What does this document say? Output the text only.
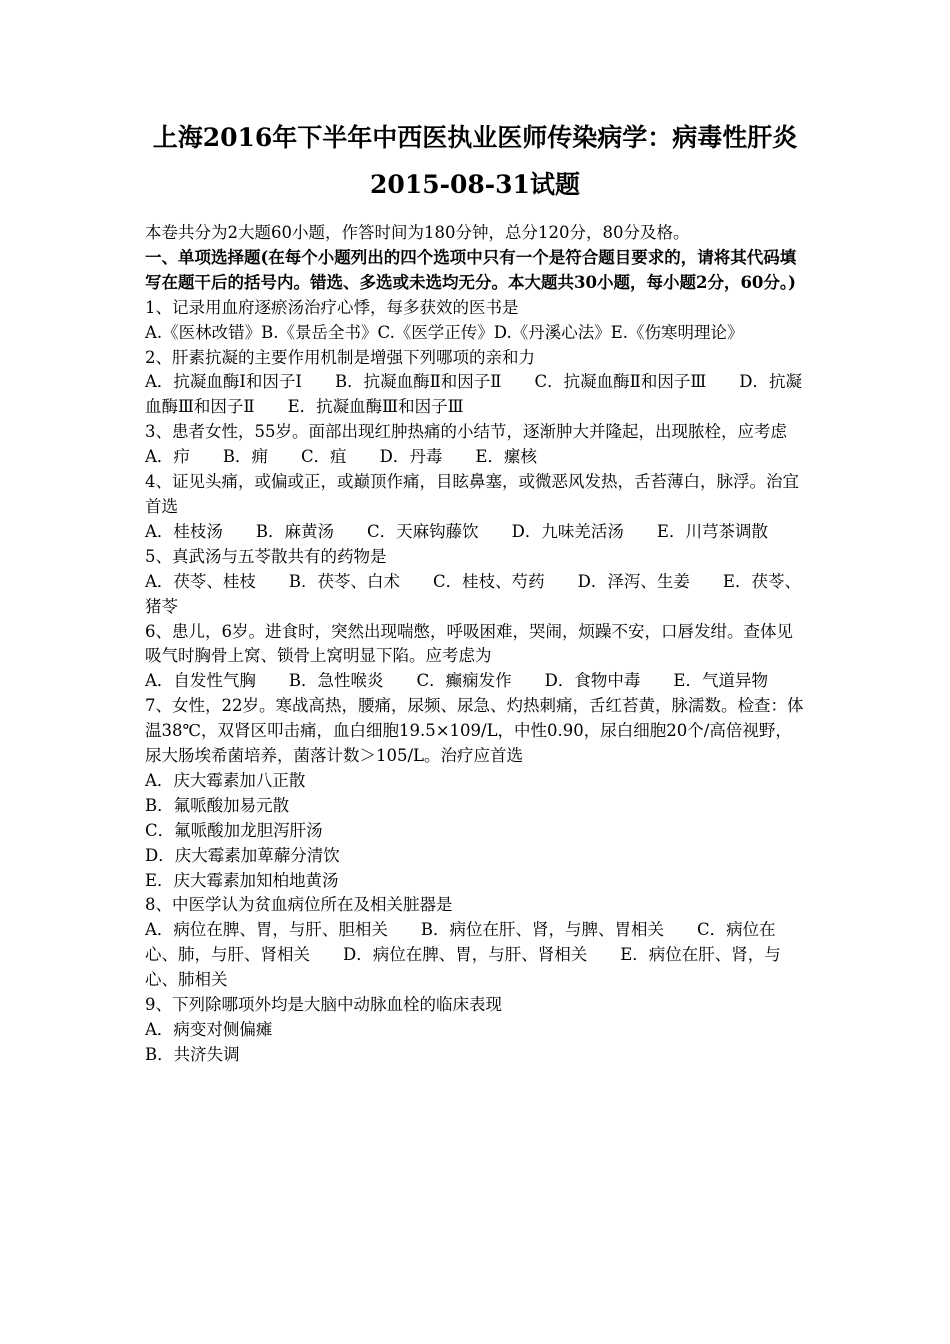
上海2016年下半年中西医执业医师传染病学：病毒性肝炎
2015-08-31试题

本卷共分为2大题60小题，作答时间为180分钟，总分120分，80分及格。

一、单项选择题(在每个小题列出的四个选项中只有一个是符合题目要求的，请将其代码填写在题干后的括号内。错选、多选或未选均无分。本大题共30小题，每小题2分，60分。)

1、记录用血府逐瘀汤治疗心悸，每多获效的医书是

A.《医林改错》B.《景岳全书》C.《医学正传》D.《丹溪心法》E.《伤寒明理论》

2、肝素抗凝的主要作用机制是增强下列哪项的亲和力

A．抗凝血酶Ⅰ和因子Ⅰ　　B．抗凝血酶Ⅱ和因子Ⅱ　　C．抗凝血酶Ⅱ和因子Ⅲ　　D．抗凝血酶Ⅲ和因子Ⅱ　　E．抗凝血酶Ⅲ和因子Ⅲ

3、患者女性，55岁。面部出现红肿热痛的小结节，逐渐肿大并隆起，出现脓栓，应考虑

A．疖　　B．痈　　C．疽　　D．丹毒　　E．瘰核

4、证见头痛，或偏或正，或巅顶作痛，目眩鼻塞，或微恶风发热，舌苔薄白，脉浮。治宜首选

A．桂枝汤　　B．麻黄汤　　C．天麻钩藤饮　　D．九味羌活汤　　E．川芎茶调散

5、真武汤与五苓散共有的药物是

A．茯苓、桂枝　　B．茯苓、白术　　C．桂枝、芍药　　D．泽泻、生姜　　E．茯苓、猪苓

6、患儿，6岁。进食时，突然出现喘憋，呼吸困难，哭闹，烦躁不安，口唇发绀。查体见吸气时胸骨上窝、锁骨上窝明显下陷。应考虑为

A．自发性气胸　　B．急性喉炎　　C．癫痫发作　　D．食物中毒　　E．气道异物

7、女性，22岁。寒战高热，腰痛，尿频、尿急、灼热刺痛，舌红苔黄，脉濡数。检查：体温38℃，双肾区叩击痛，血白细胞19.5×109/L，中性0.90，尿白细胞20个/高倍视野，尿大肠埃希菌培养，菌落计数＞105/L。治疗应首选

A．庆大霉素加八正散

B．氟哌酸加易元散

C．氟哌酸加龙胆泻肝汤

D．庆大霉素加萆薢分清饮

E．庆大霉素加知柏地黄汤

8、中医学认为贫血病位所在及相关脏器是

A．病位在脾、胃，与肝、胆相关　　B．病位在肝、肾，与脾、胃相关　　C．病位在心、肺，与肝、肾相关　　D．病位在脾、胃，与肝、肾相关　　E．病位在肝、肾，与心、肺相关

9、下列除哪项外均是大脑中动脉血栓的临床表现

A．病变对侧偏瘫

B．共济失调
